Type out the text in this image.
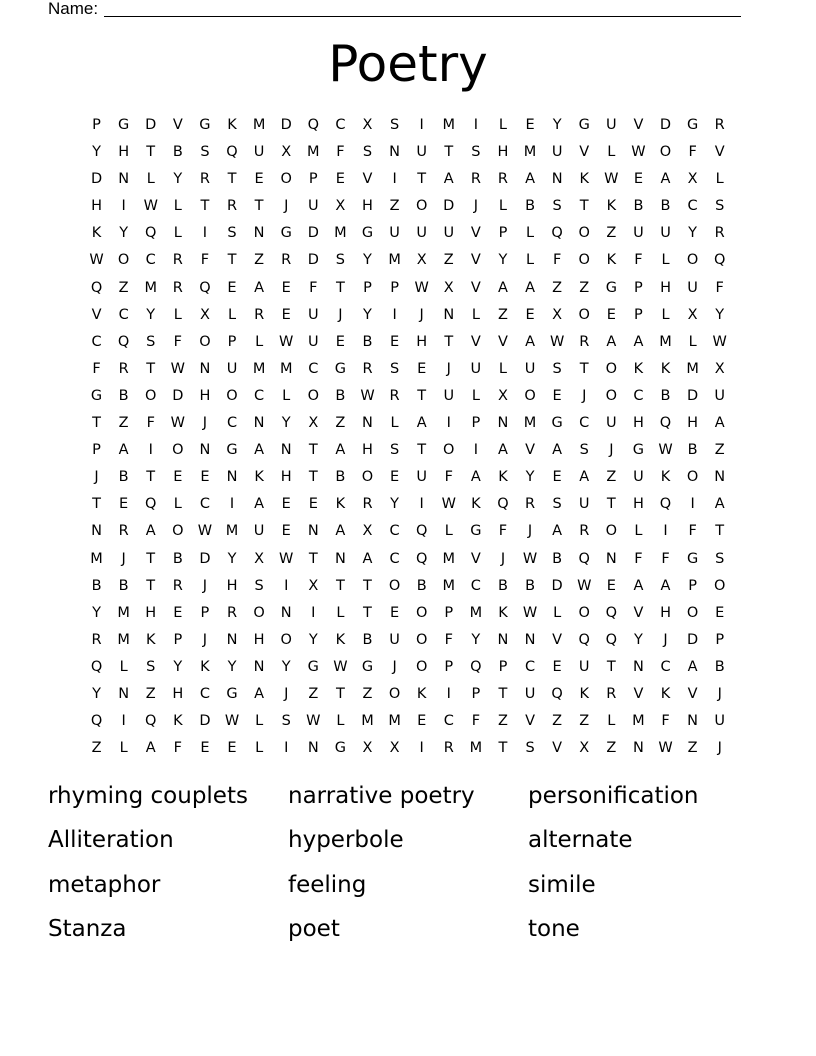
Name:
Poetry
P	G	D	V	G	K	M	D	Q	C	X	S	I	M	I	L	E	Y	G	U	V	D	G	R
Y	H	T	B	S	Q	U	X	M	F	S	N	U	T	S	H	M	U	V	L	W O	F	V
D	N	L	Y	R	T	E	O	P	E	V	I	T	A	R	R	A	N	K	W	E	A	X	L
H	I	W	L	T	R	T	J	U	X	H	Z	O	D	J	L	B	S	T	K	B	B	C	S
K	Y	Q	L	I	S	N	G	D	M	G	U	U	U	V	P	L	Q	O	Z	U	U	Y	R
W O	C	R	F	T	Z	R	D	S	Y	M	X	Z	V	Y	L	F	O	K	F	L	O	Q
Q	Z	M	R	Q	E	A	E	F	T	P	P	W	X	V	A	A	Z	Z	G	P	H	U	F
V	C	Y	L	X	L	R	E	U	J	Y	I	J	N	L	Z	E	X	O	E	P	L	X	Y
C	Q	S	F	O	P	L	W	U	E	B	E	H	T	V	V	A	W	R	A	A	M	L	W
F	R	T	W N	U	M	M	C	G	R	S	E	J	U	L	U	S	T	O	K	K	M	X
G	B	O	D	H	O	C	L	O	B	W	R	T	U	L	X	O	E	J	O	C	B	D	U
T	Z	F	W	J	C	N	Y	X	Z	N	L	A	I	P	N	M	G	C	U	H	Q	H	A
P	A	I	O	N	G	A	N	T	A	H	S	T	O	I	A	V	A	S	J	G W	B	Z
J	B	T	E	E	N	K	H	T	B	O	E	U	F	A	K	Y	E	A	Z	U	K	O	N
T	E	Q	L	C	I	A	E	E	K	R	Y	I	W	K	Q	R	S	U	T	H	Q	I	A
N	R	A	O W M	U	E	N	A	X	C	Q	L	G	F	J	A	R	O	L	I	F	T
M	J	T	B	D	Y	X	W	T	N	A	C	Q	M	V	J	W	B	Q	N	F	F	G	S
B	B	T	R	J	H	S	I	X	T	T	O	B	M	C	B	B	D W	E	A	A	P	O
Y	M	H	E	P	R	O	N	I	L	T	E	O	P	M	K	W	L	O	Q	V	H	O	E
R	M	K	P	J	N	H	O	Y	K	B	U	O	F	Y	N	N	V	Q	Q	Y	J	D	P
Q	L	S	Y	K	Y	N	Y	G W G	J	O	P	Q	P	C	E	U	T	N	C	A	B
Y	N	Z	H	C	G	A	J	Z	T	Z	O	K	I	P	T	U	Q	K	R	V	K	V	J
Q	I	Q	K	D W	L	S	W	L	M	M	E	C	F	Z	V	Z	Z	L	M	F	N	U
Z	L	A	F	E	E	L	I	N	G	X	X	I	R	M	T	S	V	X	Z	N	W	Z	J
rhyming couplets	narrative poetry	personification
Alliteration	hyperbole	alternate
metaphor	feeling	simile
Stanza	poet	tone
